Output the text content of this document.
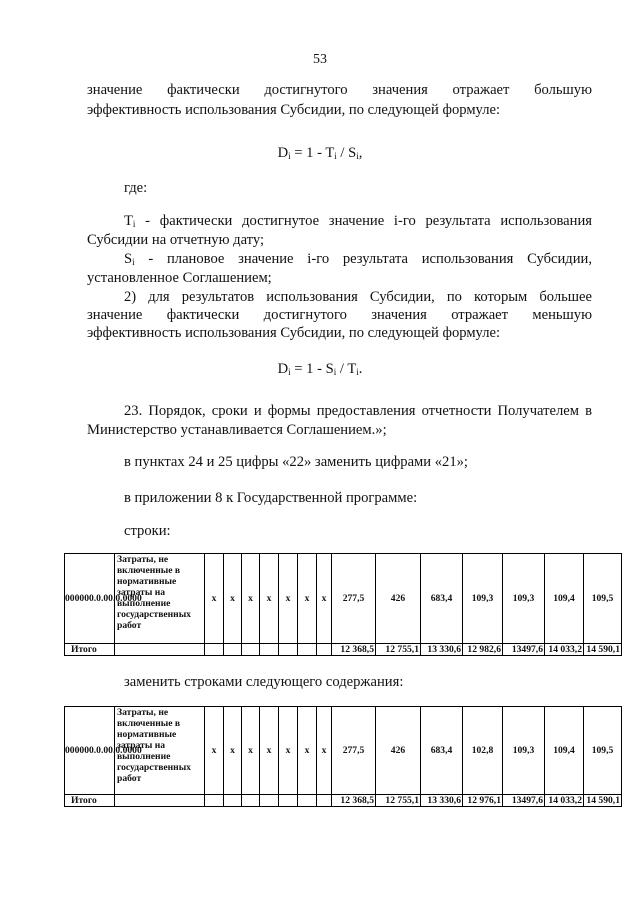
53
значение фактически достигнутого значения отражает большую
эффективность использования Субсидии, по следующей формуле:
$D_i = 1 - T_i / S_i$,
где:
$T_i$ - фактически достигнутое значение i-го результата использования
Субсидии на отчетную дату;
$S_i$ - плановое значение i-го результата использования Субсидии,
установленное Соглашением;
2) для результатов использования Субсидии, по которым большее
значение фактически достигнутого значения отражает меньшую
эффективность использования Субсидии, по следующей формуле:
$D_i = 1 - S_i / T_i$.
23. Порядок, сроки и формы предоставления отчетности Получателем в
Министерство устанавливается Соглашением.»;
в пунктах 24 и 25 цифры «22» заменить цифрами «21»;
в приложении 8 к Государственной программе:
строки:
000000.0.00.0.0000	Затраты, не включенные в нормативные затраты на выполнение государственных работ	x	x	x	x	x	x	x	277,5	426	683,4	109,3	109,3	109,4	109,5
Итого									12 368,5	12 755,1	13 330,6	12 982,6	13497,6	14 033,2	14 590,1
заменить строками следующего содержания:
000000.0.00.0.0000	Затраты, не включенные в нормативные затраты на выполнение государственных работ	x	x	x	x	x	x	x	277,5	426	683,4	102,8	109,3	109,4	109,5
Итого									12 368,5	12 755,1	13 330,6	12 976,1	13497,6	14 033,2	14 590,1
